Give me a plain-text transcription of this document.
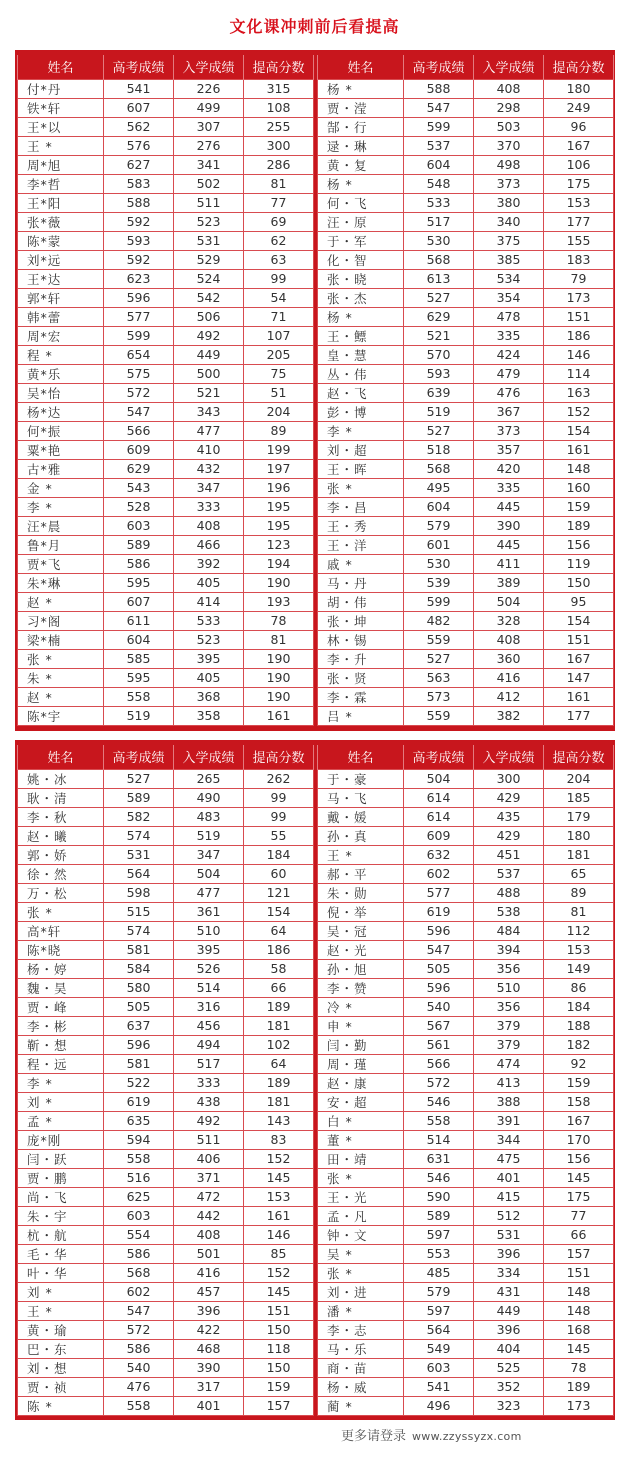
文化课冲刺前后看提高
姓名	高考成绩	入学成绩	提高分数
付*丹	541	226	315
铁*轩	607	499	108
王*以	562	307	255
王 *	576	276	300
周*旭	627	341	286
李*哲	583	502	81
王*阳	588	511	77
张*薇	592	523	69
陈*蒙	593	531	62
刘*远	592	529	63
王*达	623	524	99
郭*轩	596	542	54
韩*蕾	577	506	71
周*宏	599	492	107
程 *	654	449	205
黄*乐	575	500	75
吴*怡	572	521	51
杨*达	547	343	204
何*振	566	477	89
粟*艳	609	410	199
古*雅	629	432	197
金 *	543	347	196
李 *	528	333	195
汪*晨	603	408	195
鲁*月	589	466	123
贾*飞	586	392	194
朱*琳	595	405	190
赵 *	607	414	193
习*阁	611	533	78
梁*楠	604	523	81
张 *	585	395	190
朱 *	595	405	190
赵 *	558	368	190
陈*宇	519	358	161
姓名	高考成绩	入学成绩	提高分数
杨 *	588	408	180
贾・滢	547	298	249
郜・行	599	503	96
逯・琳	537	370	167
黄・复	604	498	106
杨 *	548	373	175
何・飞	533	380	153
汪・原	517	340	177
于・军	530	375	155
化・智	568	385	183
张・晓	613	534	79
张・杰	527	354	173
杨 *	629	478	151
王・鳔	521	335	186
皇・慧	570	424	146
丛・伟	593	479	114
赵・飞	639	476	163
彭・博	519	367	152
李 *	527	373	154
刘・超	518	357	161
王・晖	568	420	148
张 *	495	335	160
李・昌	604	445	159
王・秀	579	390	189
王・洋	601	445	156
戚 *	530	411	119
马・丹	539	389	150
胡・伟	599	504	95
张・坤	482	328	154
林・锡	559	408	151
李・升	527	360	167
张・贤	563	416	147
李・霖	573	412	161
吕 *	559	382	177
姓名	高考成绩	入学成绩	提高分数
姚・冰	527	265	262
耿・清	589	490	99
李・秋	582	483	99
赵・曦	574	519	55
郭・娇	531	347	184
徐・然	564	504	60
万・松	598	477	121
张 *	515	361	154
高*轩	574	510	64
陈*晓	581	395	186
杨・婷	584	526	58
魏・昊	580	514	66
贾・峰	505	316	189
李・彬	637	456	181
靳・想	596	494	102
程・远	581	517	64
李 *	522	333	189
刘 *	619	438	181
孟 *	635	492	143
庞*刚	594	511	83
闫・跃	558	406	152
贾・鹏	516	371	145
尚・飞	625	472	153
朱・宇	603	442	161
杭・航	554	408	146
毛・华	586	501	85
叶・华	568	416	152
刘 *	602	457	145
王 *	547	396	151
黄・瑜	572	422	150
巴・东	586	468	118
刘・想	540	390	150
贾・祯	476	317	159
陈 *	558	401	157
姓名	高考成绩	入学成绩	提高分数
于・豪	504	300	204
马・飞	614	429	185
戴・媛	614	435	179
孙・真	609	429	180
王 *	632	451	181
郝・平	602	537	65
朱・勋	577	488	89
倪・举	619	538	81
吴・冠	596	484	112
赵・光	547	394	153
孙・旭	505	356	149
李・赞	596	510	86
冷 *	540	356	184
申 *	567	379	188
闫・勤	561	379	182
周・瑾	566	474	92
赵・康	572	413	159
安・超	546	388	158
白 *	558	391	167
董 *	514	344	170
田・靖	631	475	156
张 *	546	401	145
王・光	590	415	175
孟・凡	589	512	77
钟・文	597	531	66
吴 *	553	396	157
张 *	485	334	151
刘・进	579	431	148
潘 *	597	449	148
李・志	564	396	168
马・乐	549	404	145
商・苗	603	525	78
杨・威	541	352	189
蔺 *	496	323	173
更多请登录 www.zzyssyzx.com
